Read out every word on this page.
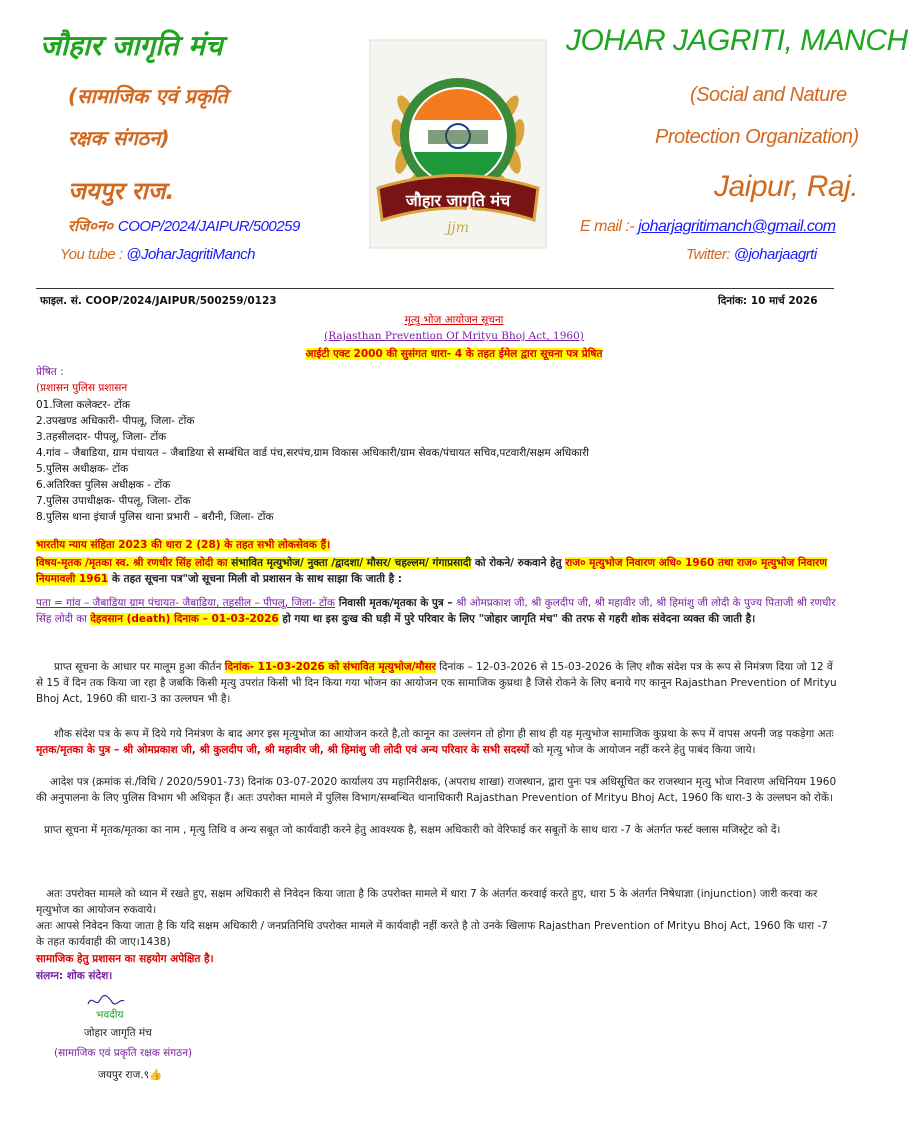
जौहार जागृति मंच
(सामाजिक एवं प्रकृति
रक्षक संगठन)
जयपुर राज.
रजि०न० COOP/2024/JAIPUR/500259
You tube : @JoharJagritiManch
जौहार जागृति मंच
jjm
JOHAR JAGRITI, MANCH
(Social and Nature
Protection Organization)
Jaipur, Raj.
E mail :- joharjagritimanch@gmail.com
Twitter: @joharjaagrti
फाइल. सं. COOP/2024/JAIPUR/500259/0123	दिनांक: 10 मार्च 2026
मृत्यु भोज आयोजन सूचना
(Rajasthan Prevention Of Mrityu Bhoj Act, 1960)
आईटी एक्ट 2000 की सुसंगत धारा- 4 के तहत ईमेल द्वारा सूचना पत्र प्रेषित
प्रेषित :
(प्रशासन पुलिस प्रशासन
01.जिला कलेक्टर- टोंक
2.उपखण्ड अधिकारी- पीपलू, जिला- टोंक
3.तहसीलदार- पीपलू, जिला- टोंक
4.गांव – जैबाडिया, ग्राम पंचायत – जैबाडिया से सम्बंधित वार्ड पंच,सरपंच,ग्राम विकास अधिकारी/ग्राम सेवक/पंचायत सचिव,पटवारी/सक्षम अधिकारी
5.पुलिस अधीक्षक- टोंक
6.अतिरिक्त पुलिस अधीक्षक - टोंक
7.पुलिस उपाधीक्षक- पीपलू, जिला- टोंक
8.पुलिस थाना इंचार्ज पुलिस थाना प्रभारी – बरौनी, जिला- टोंक
भारतीय न्याय संहिता 2023 की धारा 2 (28) के तहत सभी लोकसेवक हैं।
विषय-मृतक /मृतका स्व. श्री रणधीर सिंह लोदी का संभावित मृत्युभोज/ नुक्ता /द्वादशा/ मौसर/ चहल्लम/ गंगाप्रसादी को रोकने/ रुकवाने हेतु राज० मृत्युभोज निवारण अधि० 1960 तथा राज० मृत्युभोज निवारण नियमावली 1961 के तहत सूचना पत्र"जो सूचना मिली वो प्रशासन के साथ साझा कि जाती है :
पता = गांव – जैबाडिया ग्राम पंचायत- जैबाडिया, तहसील – पीपलू, जिला- टोंक निवासी मृतक/मृतका के पुत्र – श्री ओमप्रकाश जी, श्री कुलदीप जी, श्री महावीर जी, श्री हिमांशु जी लोदी के पुज्य पिताजी श्री रणधीर सिंह लोदी का देहवसान (death) दिनाक – 01-03-2026 हो गया था इस दुःख की घड़ी में पुरे परिवार के लिए "जोहार जागृति मंच" की तरफ से गहरी शोक संवेदना व्यक्त की जाती है।
प्राप्त सूचना के आधार पर मालूम हुआ कीर्तन दिनांक- 11-03-2026 को संभावित मृत्युभोज/मौसर दिनांक – 12-03-2026 से 15-03-2026 के लिए शौक संदेश पत्र के रूप से निमंत्रण दिया जो 12 वें से 15 वें दिन तक किया जा रहा है जबकि किसी मृत्यु उपरांत किसी भी दिन किया गया भोजन का आयोजन एक सामाजिक कुप्रथा है जिसे रोकने के लिए बनाये गए कानून Rajasthan Prevention of Mrityu Bhoj Act, 1960 की धारा-3 का उल्लघन भी है।
शौक संदेश पत्र के रूप में दिये गये निमंत्रण के बाद अगर इस मृत्युभोज का आयोजन करते है,तो कानून का उल्लंगन तो होगा ही साथ ही यह मृत्युभोज सामाजिक कुप्रथा के रूप में वापस अपनी जड़ पकड़ेगा अतः मृतक/मृतका के पुत्र – श्री ओमप्रकाश जी, श्री कुलदीप जी, श्री महावीर जी, श्री हिमांशु जी लोदी एवं अन्य परिवार के सभी सदस्यों को मृत्यु भोज के आयोजन नहीं करने हेतु पाबंद किया जाये।
आदेश पत्र (क्रमांक सं./विधि / 2020/5901-73) दिनांक 03-07-2020 कार्यालय उप महानिरीक्षक, (अपराध शाखा) राजस्थान, द्वारा पुनः पत्र अधिसूचित कर राजस्थान मृत्यु भोज निवारण अधिनियम 1960 की अनुपालना के लिए पुलिस विभाग भी अधिकृत हैं। अतः उपरोक्त मामले में पुलिस विभाग/सम्बन्धित थानाधिकारी Rajasthan Prevention of Mrityu Bhoj Act, 1960 कि धारा-3 के उल्लघन को रोकें।
प्राप्त सूचना में मृतक/मृतका का नाम , मृत्यु तिथि व अन्य सबूत जो कार्यवाही करने हेतु आवश्यक है, सक्षम अधिकारी को वेरिफाई कर सबूतों के साथ धारा -7 के अंतर्गत फर्स्ट क्लास मजिस्ट्रेट को दें।
अतः उपरोक्त मामले को ध्यान में रखते हुए, सक्षम अधिकारी से निवेदन किया जाता है कि उपरोक्त मामले में धारा 7 के अंतर्गत करवाई करते हुए, धारा 5 के अंतर्गत निषेधाज्ञा (injunction) जारी करवा कर मृत्युभोज का आयोजन रुकवाये।
अतः आपसे निवेदन किया जाता है कि यदि सक्षम अधिकारी / जनप्रतिनिधि उपरोक्त मामले में कार्यवाही नहीं करते है तो उनके खिलाफ Rajasthan Prevention of Mrityu Bhoj Act, 1960 कि धारा -7 के तहत कार्यवाही की जाए।1438)
सामाजिक हेतु प्रशासन का सहयोग अपेक्षित है।
संलग्न: शोक संदेश।
भवदीय
जोहार जागृति मंच
(सामाजिक एवं प्रकृति रक्षक संगठन)
जयपुर राज.९👍
